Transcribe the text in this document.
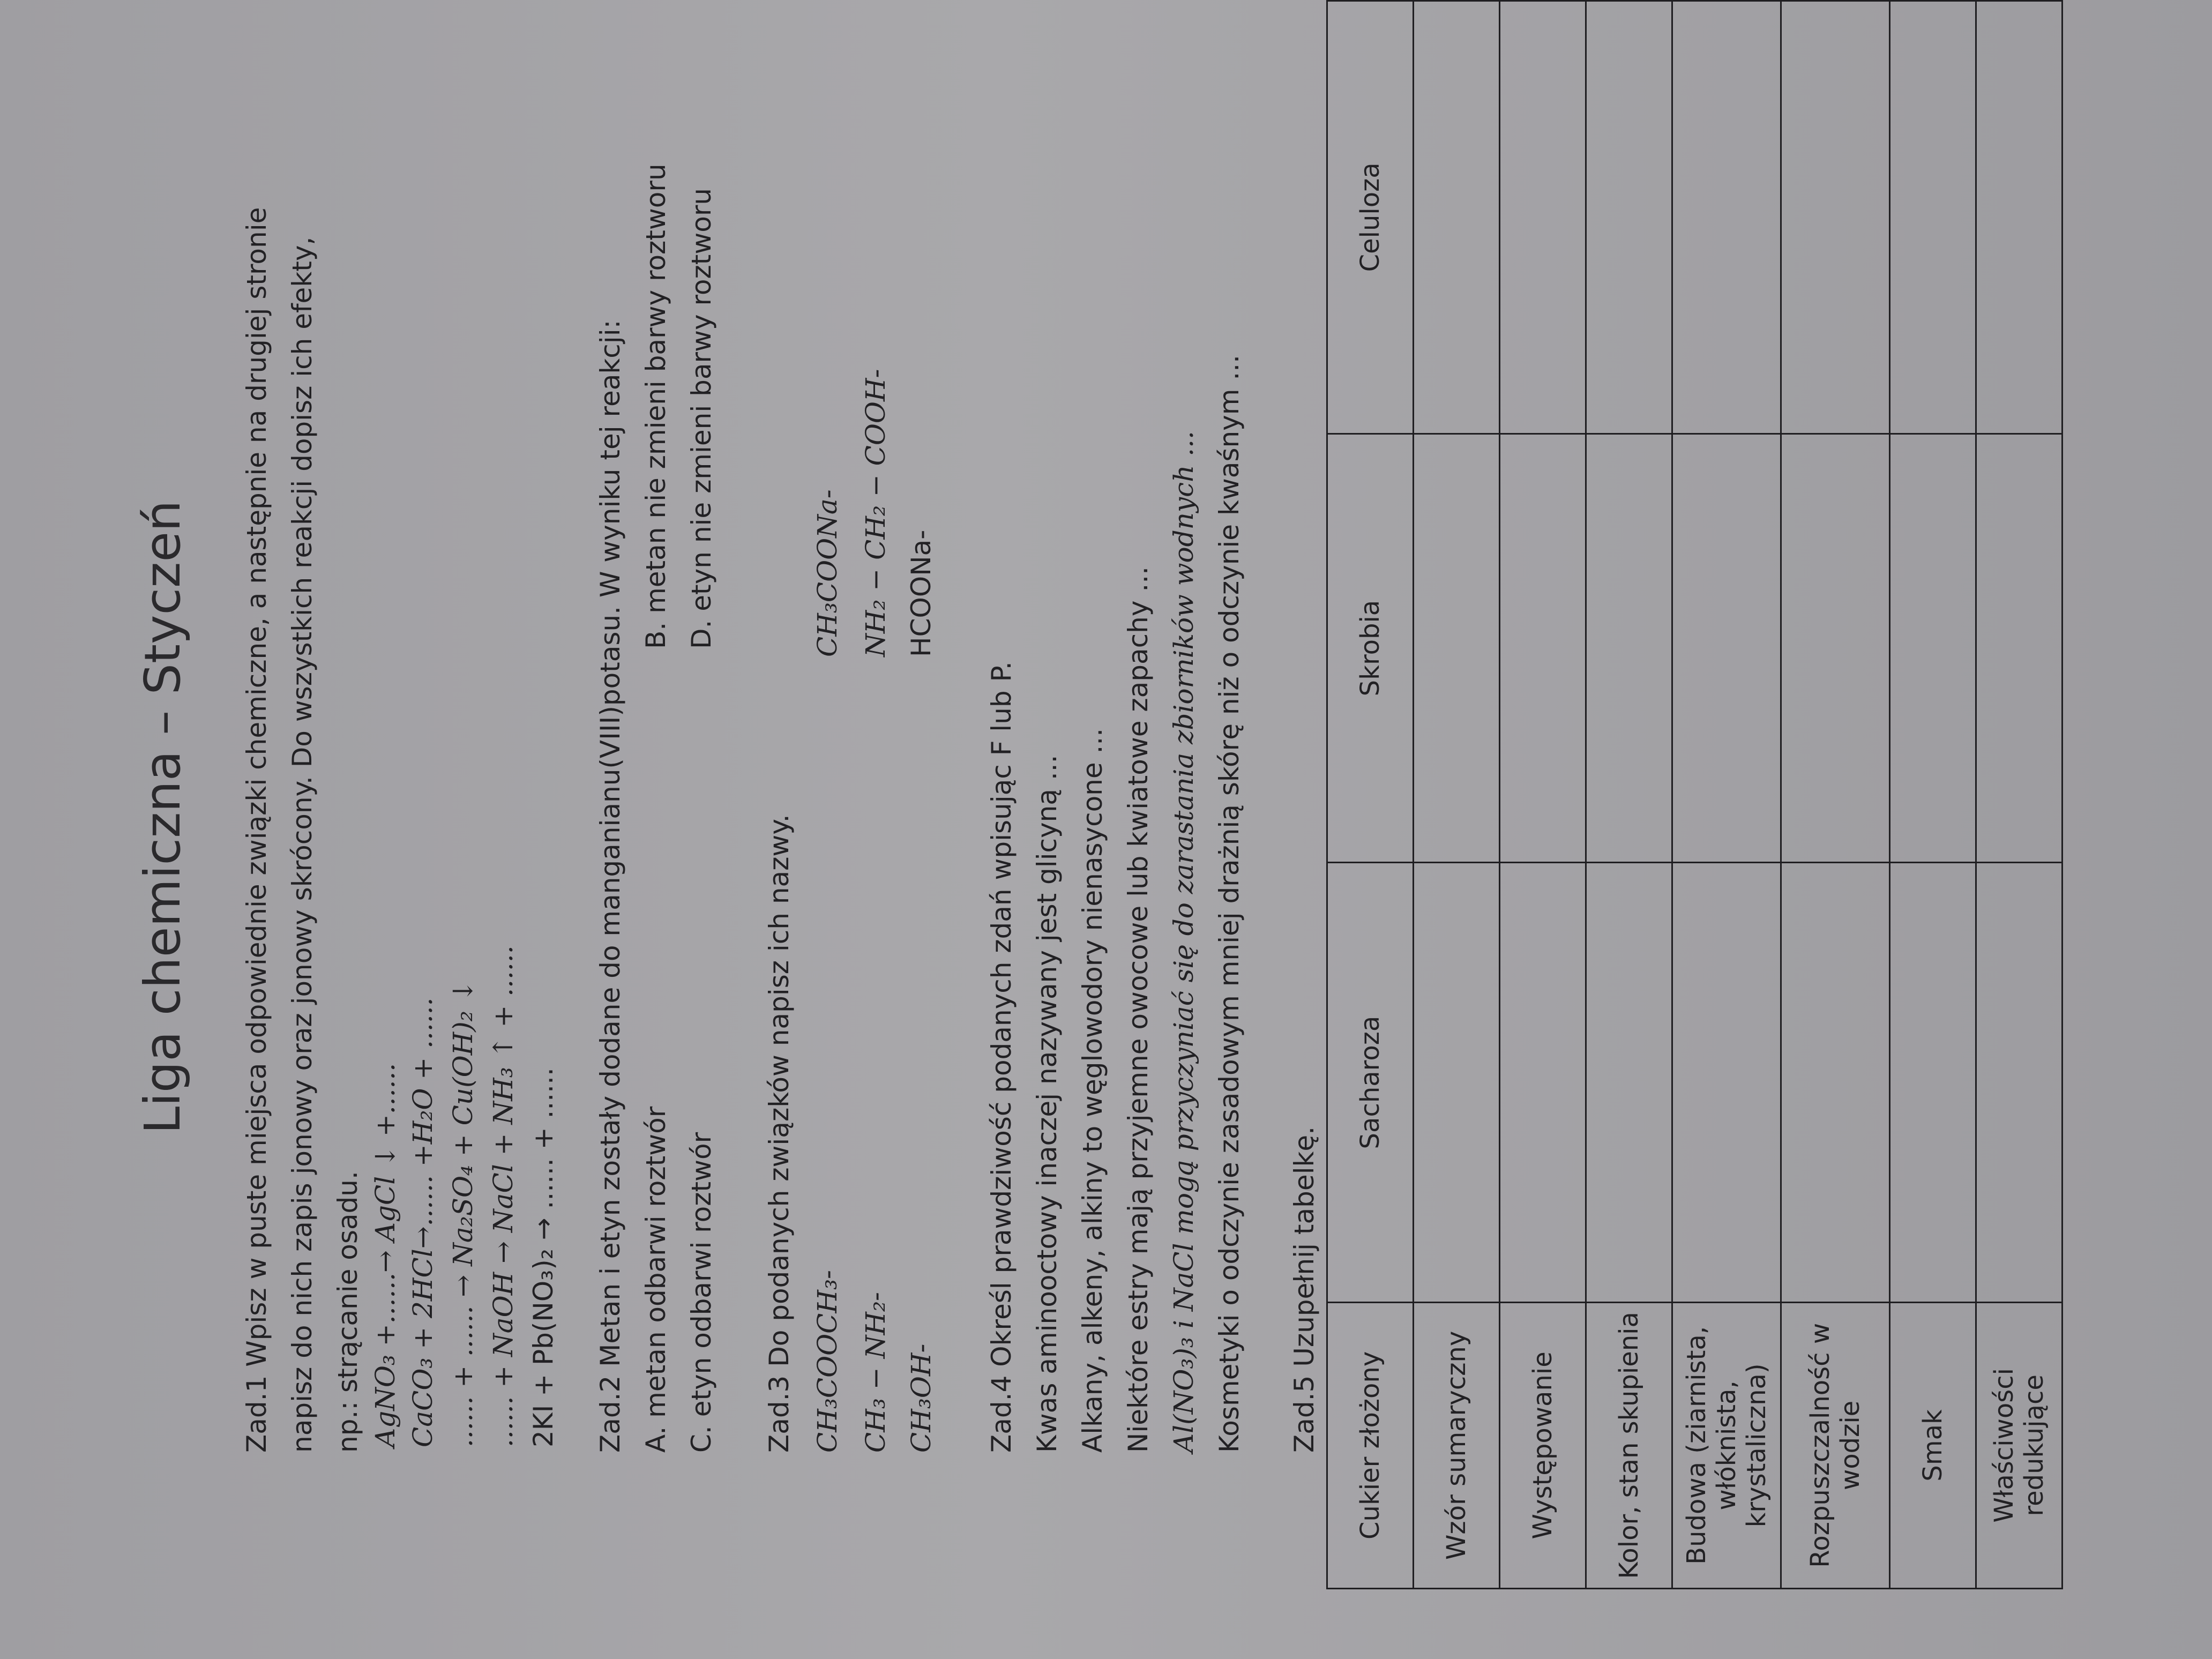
Liga chemiczna – Styczeń Zad.1 Wpisz w puste miejsca odpowiednie związki chemiczne, a następnie na drugiej stronie napisz do nich zapis jonowy oraz jonowy skrócony. Do wszystkich reakcji dopisz ich efekty, np.: strącanie osadu. AgNO₃ +......→ AgCl ↓ +...... CaCO₃ + 2HCl→...... +H₂O + ...... ...... + ...... → Na₂SO₄ + Cu(OH)₂ ↓ ...... + NaOH → NaCl + NH₃ ↑ + ...... 2KI + Pb(NO₃)₂ → ...... + ...... Zad.2 Metan i etyn zostały dodane do manganianu(VIII)potasu. W wyniku tej reakcji: A. metan odbarwi roztwór
B. metan nie zmieni barwy roztworu
C. etyn odbarwi roztwór
D. etyn nie zmieni barwy roztworu
Zad.3 Do podanych związków napisz ich nazwy. CH₃COOCH₃- CH₃ − NH₂- CH₃OH-
CH₃COONa- NH₂ − CH₂ − COOH- HCOONa-
Zad.4 Określ prawdziwość podanych zdań wpisując F lub P. Kwas aminooctowy inaczej nazywany jest glicyną ... Alkany, alkeny, alkiny to węglowodory nienasycone ... Niektóre estry mają przyjemne owocowe lub kwiatowe zapachy ... Al(NO₃)₃ i NaCl mogą przyczyniać się do zarastania zbiorników wodnych ... Kosmetyki o odczynie zasadowym mniej drażnią skórę niż o odczynie kwaśnym ... Zad.5 Uzupełnij tabelkę. Cukier złożony	Sacharoza	Skrobia	Celuloza
Wzór sumaryczny			
Występowanie			
Kolor, stan skupienia			
Budowa (ziarnista, włóknista, krystaliczna)			
Rozpuszczalność w wodzie			
Smak			
Właściwości redukujące			
